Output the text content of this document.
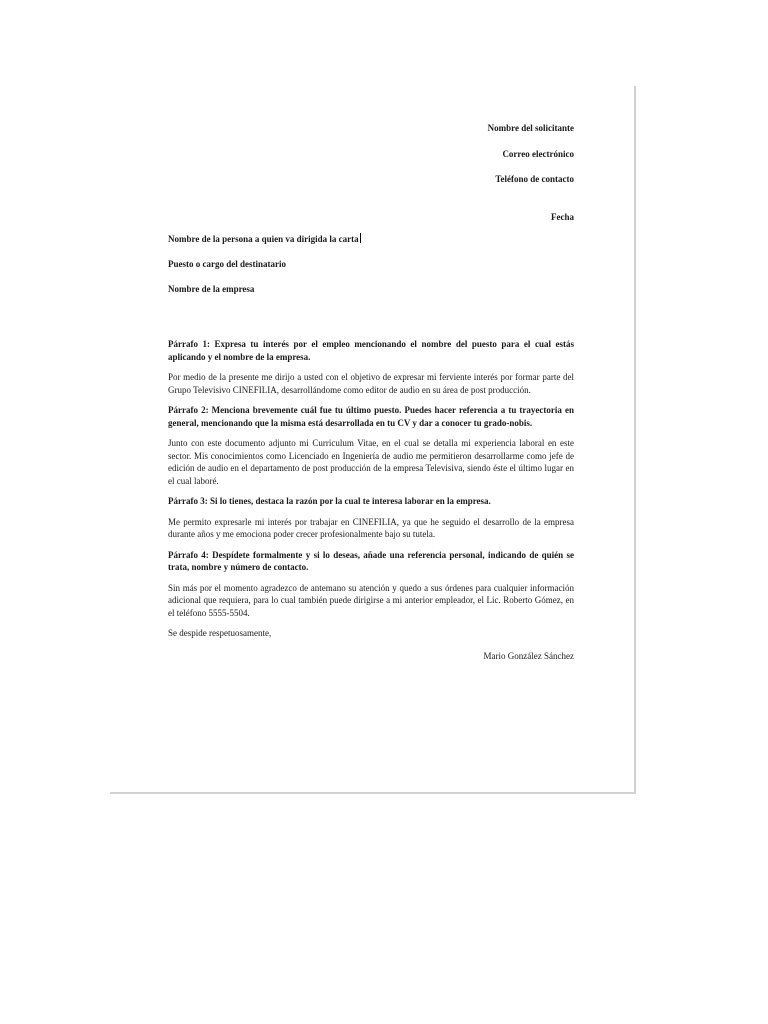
Nombre del solicitante
Correo electrónico
Teléfono de contacto
Fecha
Nombre de la persona a quien va dirigida la carta
Puesto o cargo del destinatario
Nombre de la empresa
Párrafo 1: Expresa tu interés por el empleo mencionando el nombre del puesto para el cual estás aplicando y el nombre de la empresa.
Por medio de la presente me dirijo a usted con el objetivo de expresar mi ferviente interés por formar parte del Grupo Televisivo CINEFILIA, desarrollándome como editor de audio en su área de post producción.
Párrafo 2: Menciona brevemente cuál fue tu último puesto. Puedes hacer referencia a tu trayectoria en general, mencionando que la misma está desarrollada en tu CV y dar a conocer tu grado-nobis.
Junto con este documento adjunto mi Curriculum Vitae, en el cual se detalla mi experiencia laboral en este sector. Mis conocimientos como Licenciado en Ingeniería de audio me permitieron desarrollarme como jefe de edición de audio en el departamento de post producción de la empresa Televisiva, siendo éste el último lugar en el cual laboré.
Párrafo 3: Si lo tienes, destaca la razón por la cual te interesa laborar en la empresa.
Me permito expresarle mi interés por trabajar en CINEFILIA, ya que he seguido el desarrollo de la empresa durante años y me emociona poder crecer profesionalmente bajo su tutela.
Párrafo 4: Despídete formalmente y si lo deseas, añade una referencia personal, indicando de quién se trata, nombre y número de contacto.
Sin más por el momento agradezco de antemano su atención y quedo a sus órdenes para cualquier información adicional que requiera, para lo cual también puede dirigirse a mi anterior empleador, el Lic. Roberto Gómez, en el teléfono 5555-5504.
Se despide respetuosamente,
Mario González Sánchez
